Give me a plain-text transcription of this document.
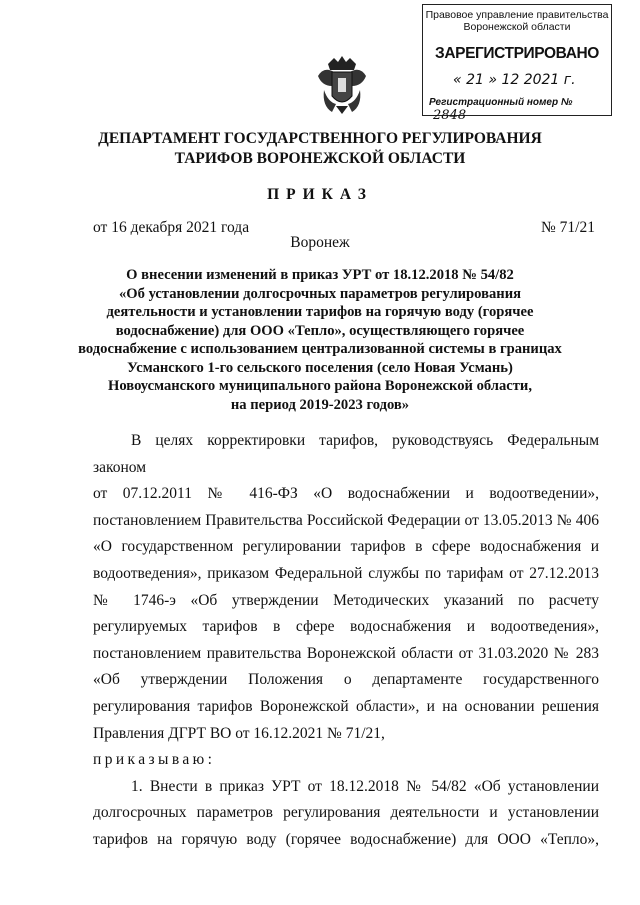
Правовое управление правительства
Воронежской области
ЗАРЕГИСТРИРОВАНО
« 21 » 12 2021 г.
Регистрационный номер № 2848
ДЕПАРТАМЕНТ ГОСУДАРСТВЕННОГО РЕГУЛИРОВАНИЯ
ТАРИФОВ ВОРОНЕЖСКОЙ ОБЛАСТИ
ПРИКАЗ
от 16 декабря 2021 года	№ 71/21
Воронеж
О внесении изменений в приказ УРТ от 18.12.2018 № 54/82
«Об установлении долгосрочных параметров регулирования
деятельности и установлении тарифов на горячую воду (горячее
водоснабжение) для ООО «Тепло», осуществляющего горячее
водоснабжение с использованием централизованной системы в границах
Усманского 1-го сельского поселения (село Новая Усмань)
Новоусманского муниципального района Воронежской области,
на период 2019-2023 годов»

В целях корректировки тарифов, руководствуясь Федеральным законом

от 07.12.2011 № 416-ФЗ «О водоснабжении и водоотведении»,

постановлением Правительства Российской Федерации от 13.05.2013 № 406

«О государственном регулировании тарифов в сфере водоснабжения и

водоотведения», приказом Федеральной службы по тарифам от 27.12.2013

№ 1746-э «Об утверждении Методических указаний по расчету

регулируемых тарифов в сфере водоснабжения и водоотведения»,

постановлением правительства Воронежской области от 31.03.2020 № 283

«Об утверждении Положения о департаменте государственного

регулирования тарифов Воронежской области», и на основании решения

Правления ДГРТ ВО от 16.12.2021 № 71/21,

приказываю:

1. Внести в приказ УРТ от 18.12.2018 № 54/82 «Об установлении

долгосрочных параметров регулирования деятельности и установлении

тарифов на горячую воду (горячее водоснабжение) для ООО «Тепло»,
